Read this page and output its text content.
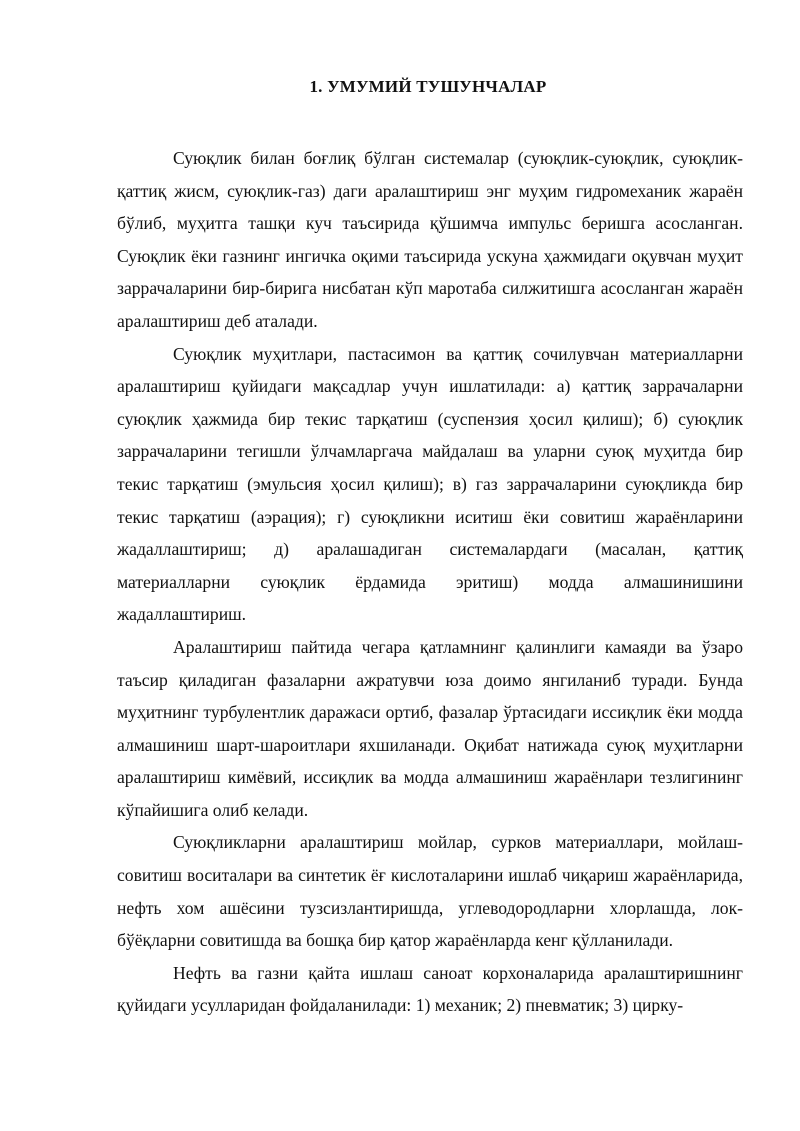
1. УМУМИЙ ТУШУНЧАЛАР

Суюқлик билан боғлиқ бўлган системалар (суюқлик-суюқлик, суюқлик-қаттиқ жисм, суюқлик-газ) даги аралаштириш энг муҳим гидромеханик жараён бўлиб, муҳитга ташқи куч таъсирида қўшимча импульс беришга асосланган. Суюқлик ёки газнинг ингичка оқими таъсирида ускуна ҳажмидаги оқувчан муҳит заррачаларини бир-бирига нисбатан кўп маротаба силжитишга асосланган жараён аралаштириш деб аталади.

Суюқлик муҳитлари, пастасимон ва қаттиқ сочилувчан материалларни аралаштириш қуйидаги мақсадлар учун ишлатилади: а) қаттиқ заррачаларни суюқлик ҳажмида бир текис тарқатиш (суспензия ҳосил қилиш); б) суюқлик заррачаларини тегишли ўлчамларгача майдалаш ва уларни суюқ муҳитда бир текис тарқатиш (эмульсия ҳосил қилиш); в) газ заррачаларини суюқликда бир текис тарқатиш (аэрация); г) суюқликни иситиш ёки совитиш жараёнларини жадаллаштириш; д) аралашадиган системалардаги (масалан, қаттиқ материалларни суюқлик ёрдамида эритиш) модда алмашинишини жадаллаштириш.

Аралаштириш пайтида чегара қатламнинг қалинлиги камаяди ва ўзаро таъсир қиладиган фазаларни ажратувчи юза доимо янгиланиб туради. Бунда муҳитнинг турбулентлик даражаси ортиб, фазалар ўртасидаги иссиқлик ёки модда алмашиниш шарт-шароитлари яхшиланади. Оқибат натижада суюқ муҳитларни аралаштириш кимёвий, иссиқлик ва модда алмашиниш жараёнлари тезлигининг кўпайишига олиб келади.

Суюқликларни аралаштириш мойлар, сурков материаллари, мойлаш-совитиш воситалари ва синтетик ёғ кислоталарини ишлаб чиқариш жараёнларида, нефть хом ашёсини тузсизлантиришда, углеводородларни хлорлашда, лок-бўёқларни совитишда ва бошқа бир қатор жараёнларда кенг қўлланилади.

Нефть ва газни қайта ишлаш саноат корхоналарида аралаштиришнинг қуйидаги усулларидан фойдаланилади: 1) механик; 2) пневматик; 3) цирку-
